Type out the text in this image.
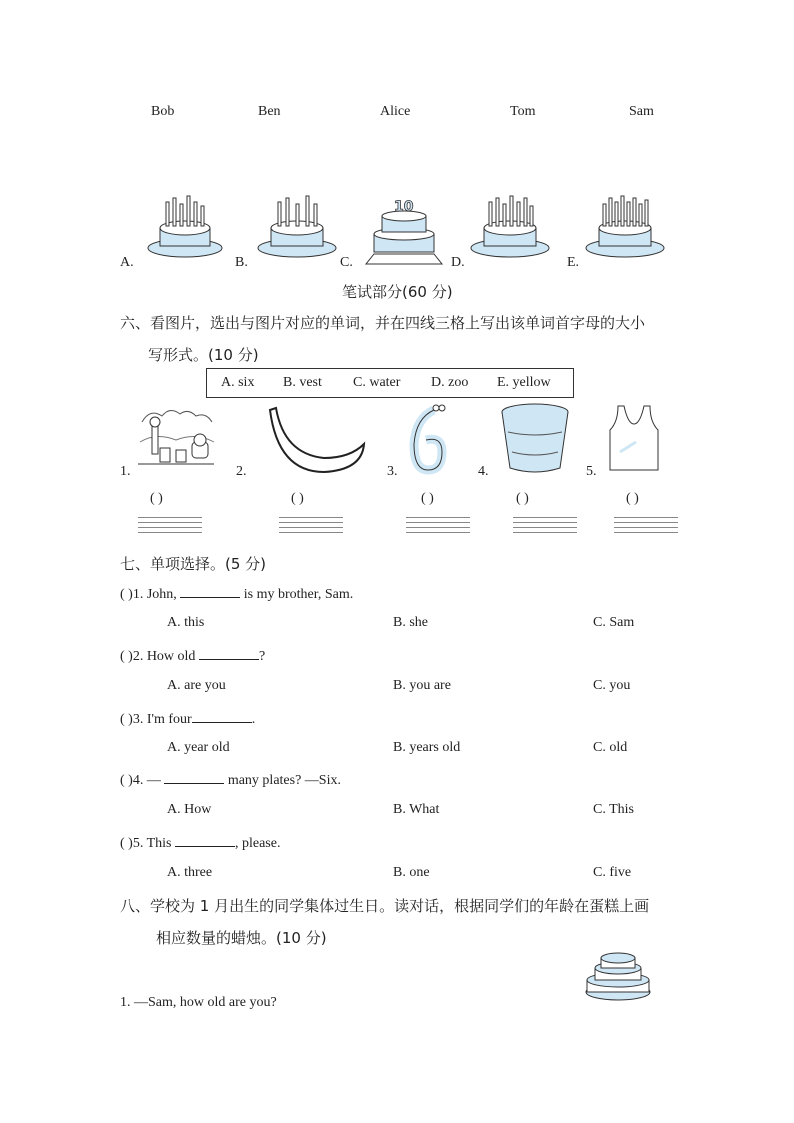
Bob	Ben	Alice	Tom	Sam
A.	B.	C.
10
D.	E.
笔试部分(60 分)
六、看图片，选出与图片对应的单词，并在四线三格上写出该单词首字母的大小
写形式。(10 分)
A. six B. vest C. water D. zoo E. yellow
1.	2.	3.	4.	5.
( )	( )	( )	( )	( )
七、单项选择。(5 分)
( )1. John,	is my brother, Sam.
A. this	B. she	C. Sam
( )2. How old	?
A. are you	B. you are	C. you
( )3. I'm four	.
A. year old	B. years old	C. old
( )4. —	many plates? —Six.
A. How	B. What	C. This
( )5. This	, please.
A. three	B. one	C. five
八、学校为 1 月出生的同学集体过生日。读对话，根据同学们的年龄在蛋糕上画
相应数量的蜡烛。(10 分)
1. —Sam, how old are you?
